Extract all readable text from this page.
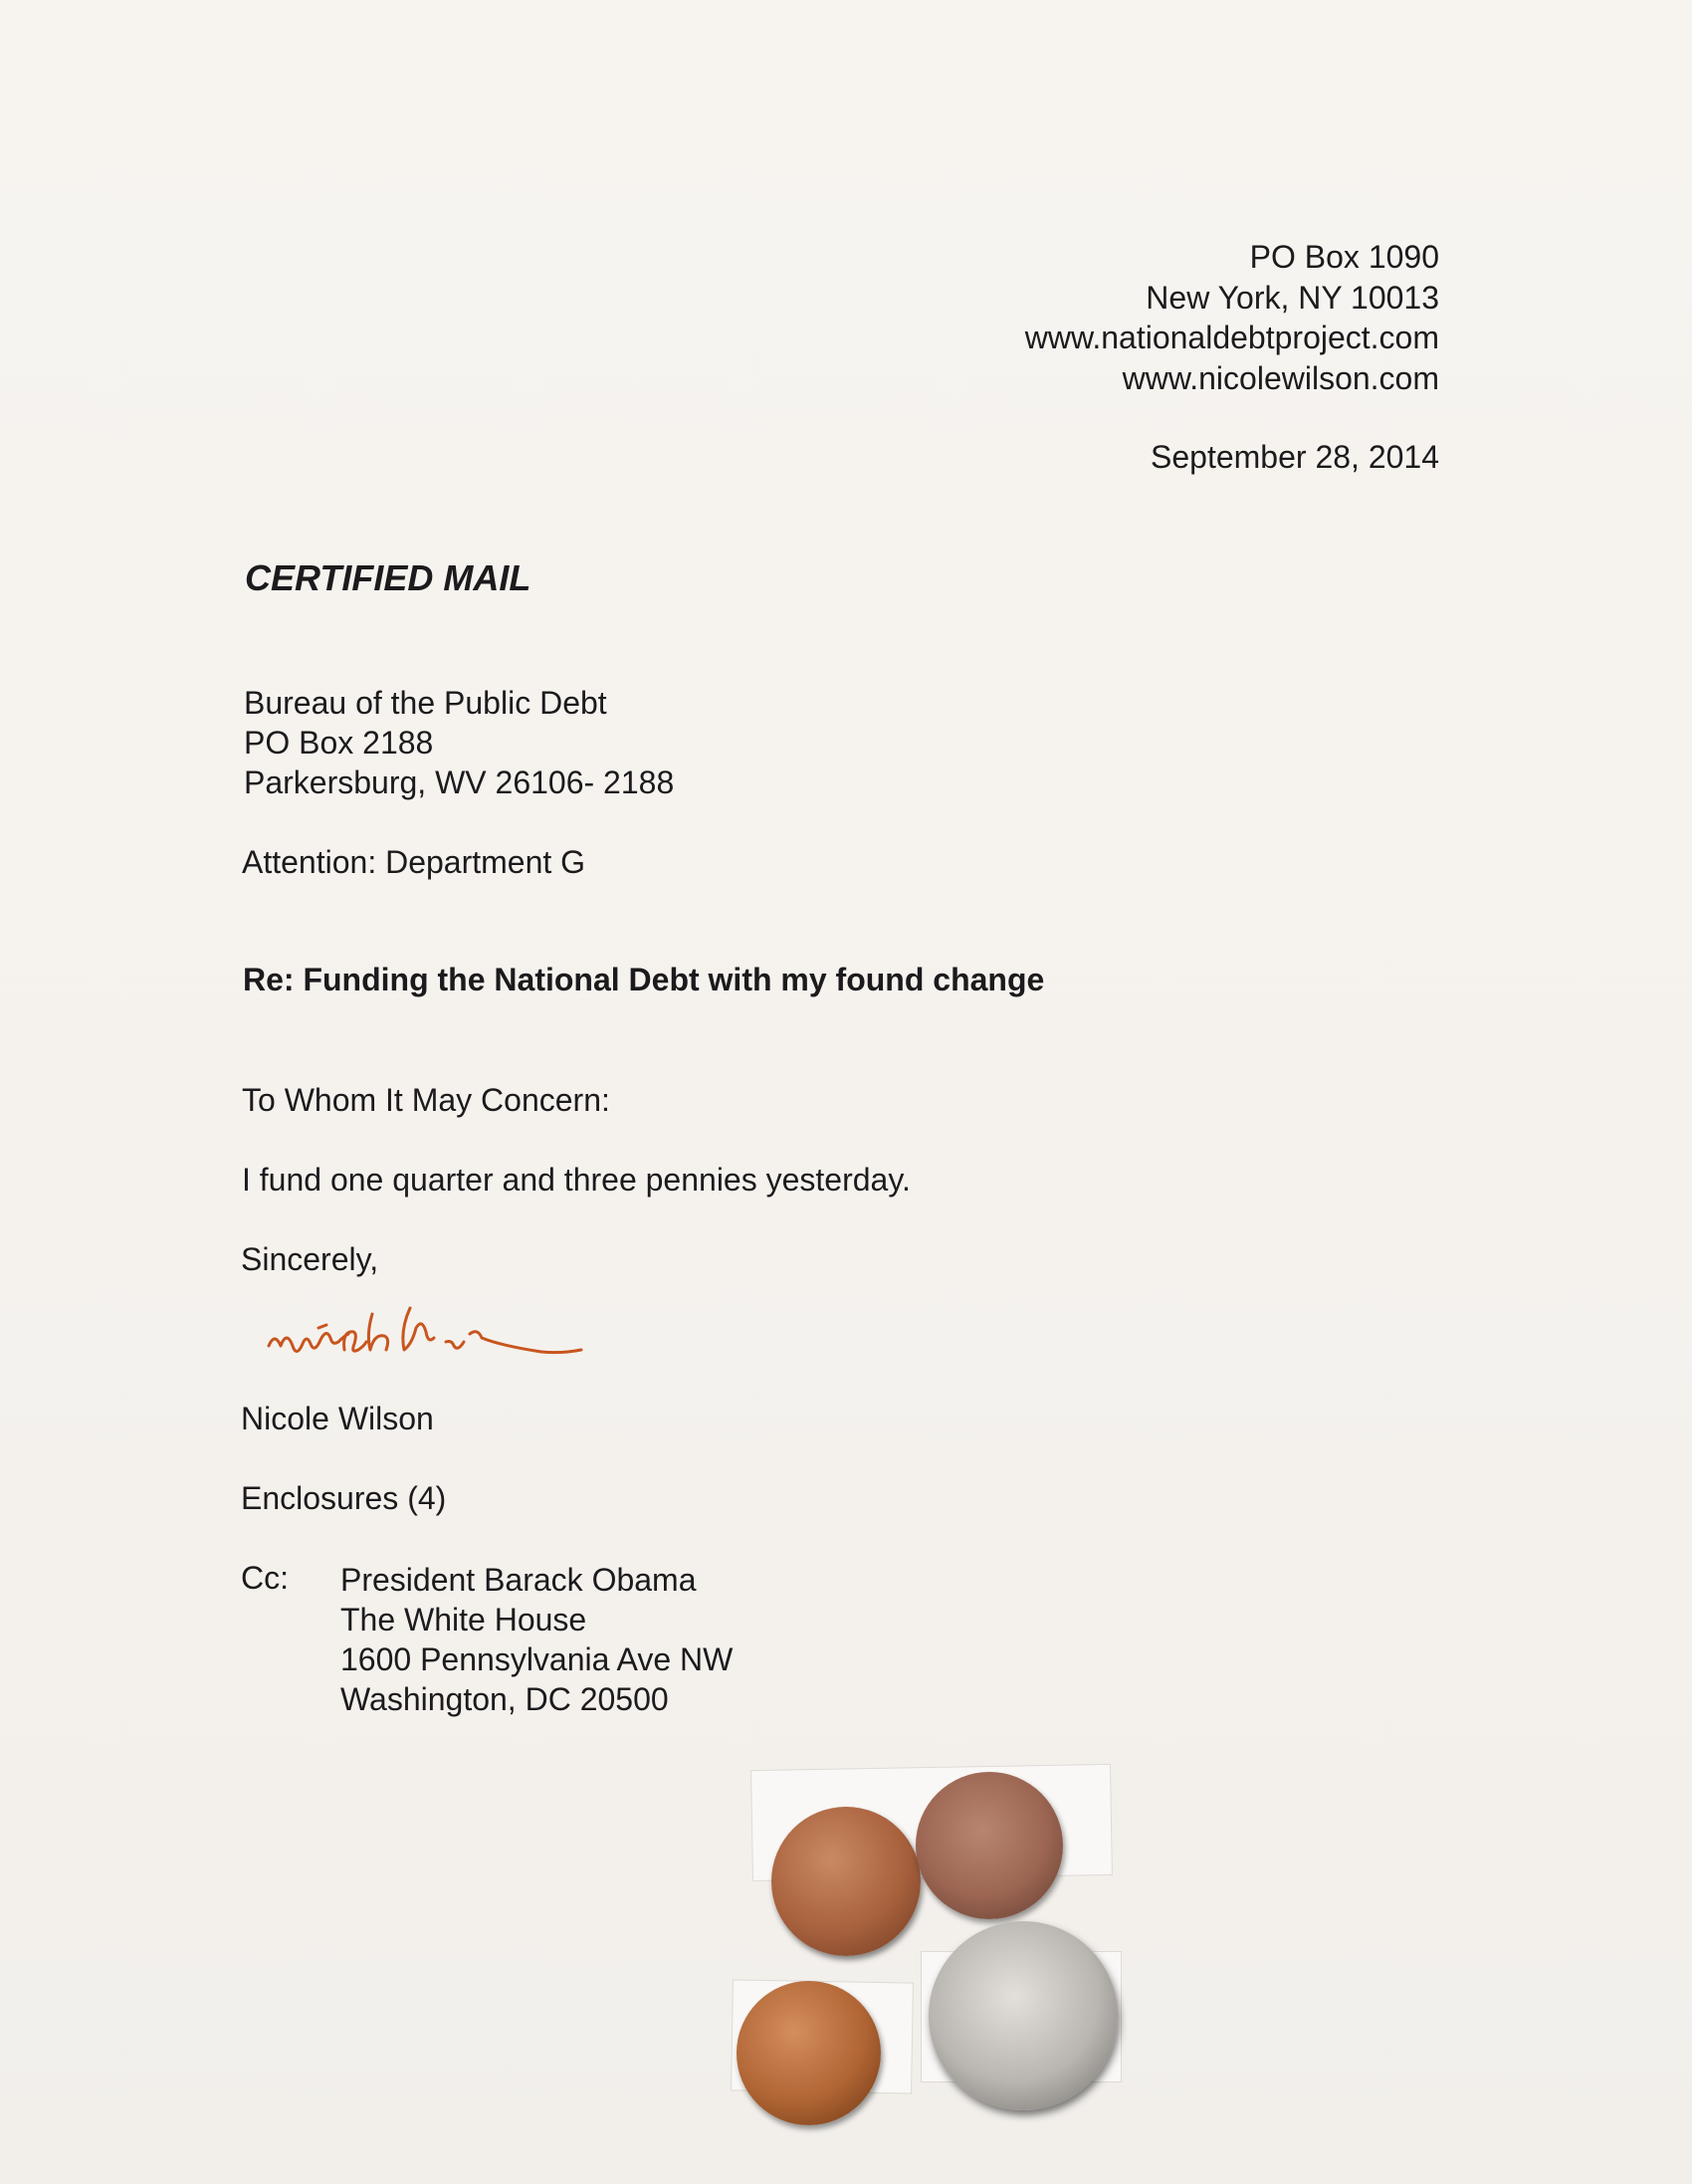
PO Box 1090
New York, NY 10013
www.nationaldebtproject.com
www.nicolewilson.com
September 28, 2014
CERTIFIED MAIL
Bureau of the Public Debt
PO Box 2188
Parkersburg, WV 26106- 2188
Attention: Department G
Re: Funding the National Debt with my found change
To Whom It May Concern:
I fund one quarter and three pennies yesterday.
Sincerely,
Nicole Wilson
Enclosures (4)
Cc: President Barack Obama
The White House
1600 Pennsylvania Ave NW
Washington, DC 20500
